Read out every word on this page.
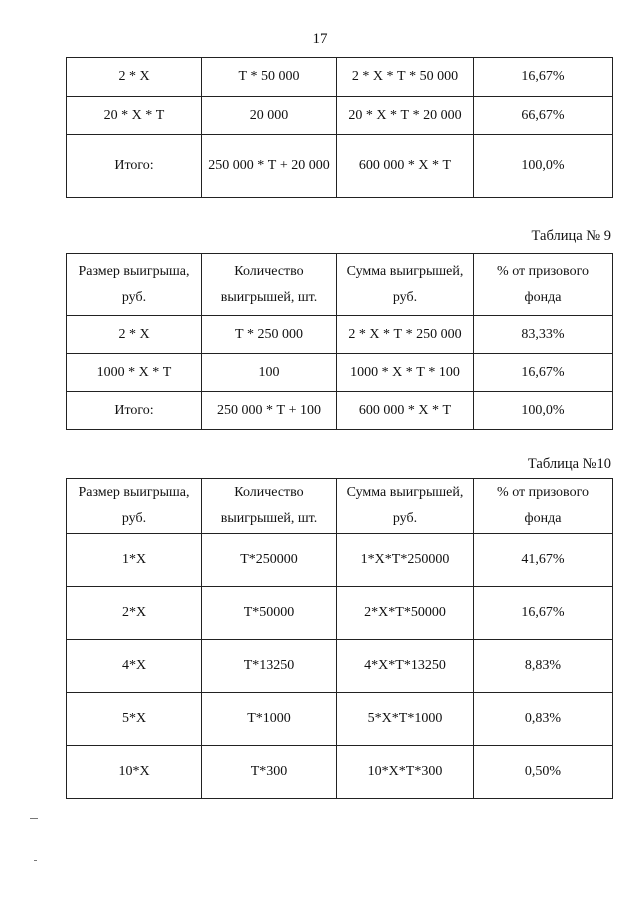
17
2 * Х	Т * 50 000	2 * Х * Т * 50 000	16,67%
20 * Х * Т	20 000	20 * Х * Т * 20 000	66,67%
Итого:	250 000 * Т + 20 000	600 000 * Х * Т	100,0%
Таблица № 9
Размер выигрыша, руб.	Количество выигрышей, шт.	Сумма выигрышей, руб.	% от призового фонда
2 * Х	Т * 250 000	2 * Х * Т * 250 000	83,33%
1000 * Х * Т	100	1000 * Х * Т * 100	16,67%
Итого:	250 000 * Т + 100	600 000 * Х * Т	100,0%
Таблица №10
Размер выигрыша, руб.	Количество выигрышей, шт.	Сумма выигрышей, руб.	% от призового фонда
1*Х	Т*250000	1*Х*Т*250000	41,67%
2*Х	Т*50000	2*Х*Т*50000	16,67%
4*Х	Т*13250	4*Х*Т*13250	8,83%
5*Х	Т*1000	5*Х*Т*1000	0,83%
10*Х	Т*300	10*Х*Т*300	0,50%
